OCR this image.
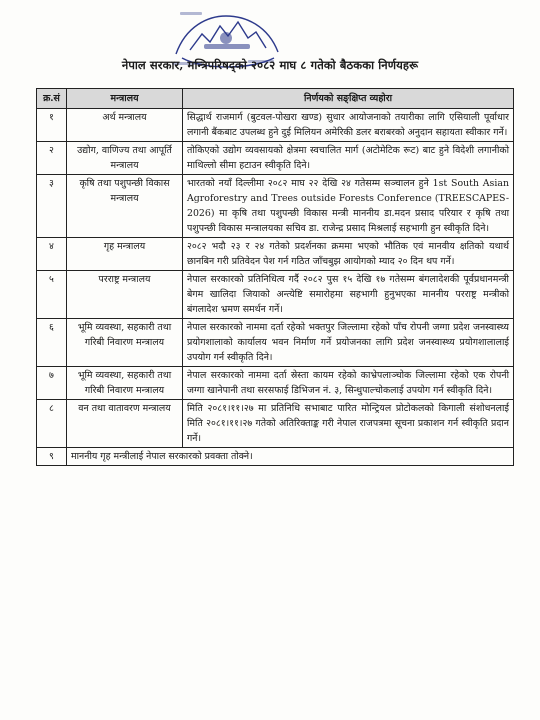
नेपाल सरकार, मन्त्रिपरिषद्को २०८२ माघ ८ गतेको बैठकका निर्णयहरू
क्र.सं	मन्त्रालय	निर्णयको सङ्क्षिप्त व्यहोरा
१	अर्थ मन्त्रालय	सिद्धार्थ राजमार्ग (बुटवल-पोखरा खण्ड) सुधार आयोजनाको तयारीका लागि एसियाली पूर्वाधार लगानी बैंकबाट उपलब्ध हुने दुई मिलियन अमेरिकी डलर बराबरको अनुदान सहायता स्वीकार गर्ने।
२	उद्योग, वाणिज्य तथा आपूर्ति मन्त्रालय	तोकिएको उद्योग व्यवसायको क्षेत्रमा स्वचालित मार्ग (अटोमेटिक रूट) बाट हुने विदेशी लगानीको माथिल्लो सीमा हटाउन स्वीकृति दिने।
३	कृषि तथा पशुपन्छी विकास मन्त्रालय	भारतको नयाँ दिल्लीमा २०८२ माघ २२ देखि २४ गतेसम्म सञ्चालन हुने 1st South Asian Agroforestry and Trees outside Forests Conference (TREESCAPES-2026) मा कृषि तथा पशुपन्छी विकास मन्त्री माननीय डा.मदन प्रसाद परियार र कृषि तथा पशुपन्छी विकास मन्त्रालयका सचिव डा. राजेन्द्र प्रसाद मिश्रलाई सहभागी हुन स्वीकृति दिने।
४	गृह मन्त्रालय	२०८२ भदौ २३ र २४ गतेको प्रदर्शनका क्रममा भएको भौतिक एवं मानवीय क्षतिको यथार्थ छानबिन गरी प्रतिवेदन पेश गर्न गठित जाँचबुझ आयोगको म्याद २० दिन थप गर्ने।
५	परराष्ट्र मन्त्रालय	नेपाल सरकारको प्रतिनिधित्व गर्दै २०८२ पुस १५ देखि १७ गतेसम्म बंगलादेशकी पूर्वप्रधानमन्त्री बेगम खालिदा जियाको अन्त्येष्टि समारोहमा सहभागी हुनुभएका माननीय परराष्ट्र मन्त्रीको बंगलादेश भ्रमण समर्थन गर्ने।
६	भूमि व्यवस्था, सहकारी तथा गरिबी निवारण मन्त्रालय	नेपाल सरकारको नाममा दर्ता रहेको भक्तपुर जिल्लामा रहेको पाँच रोपनी जग्गा प्रदेश जनस्वास्थ्य प्रयोगशालाको कार्यालय भवन निर्माण गर्ने प्रयोजनका लागि प्रदेश जनस्वास्थ्य प्रयोगशालालाई उपयोग गर्न स्वीकृति दिने।
७	भूमि व्यवस्था, सहकारी तथा गरिबी निवारण मन्त्रालय	नेपाल सरकारको नाममा दर्ता स्रेस्ता कायम रहेको काभ्रेपलाञ्चोक जिल्लामा रहेको एक रोपनी जग्गा खानेपानी तथा सरसफाई डिभिजन नं. ३, सिन्धुपाल्चोकलाई उपयोग गर्न स्वीकृति दिने।
८	वन तथा वातावरण मन्त्रालय	मिति २०८१।११।२७ मा प्रतिनिधि सभाबाट पारित मोन्ट्रियल प्रोटोकलको किगाली संशोधनलाई मिति २०८१।११।२७ गतेको अतिरिक्ताङ्क गरी नेपाल राजपत्रमा सूचना प्रकाशन गर्न स्वीकृति प्रदान गर्ने।
९	माननीय गृह मन्त्रीलाई नेपाल सरकारको प्रवक्ता तोक्ने।	
